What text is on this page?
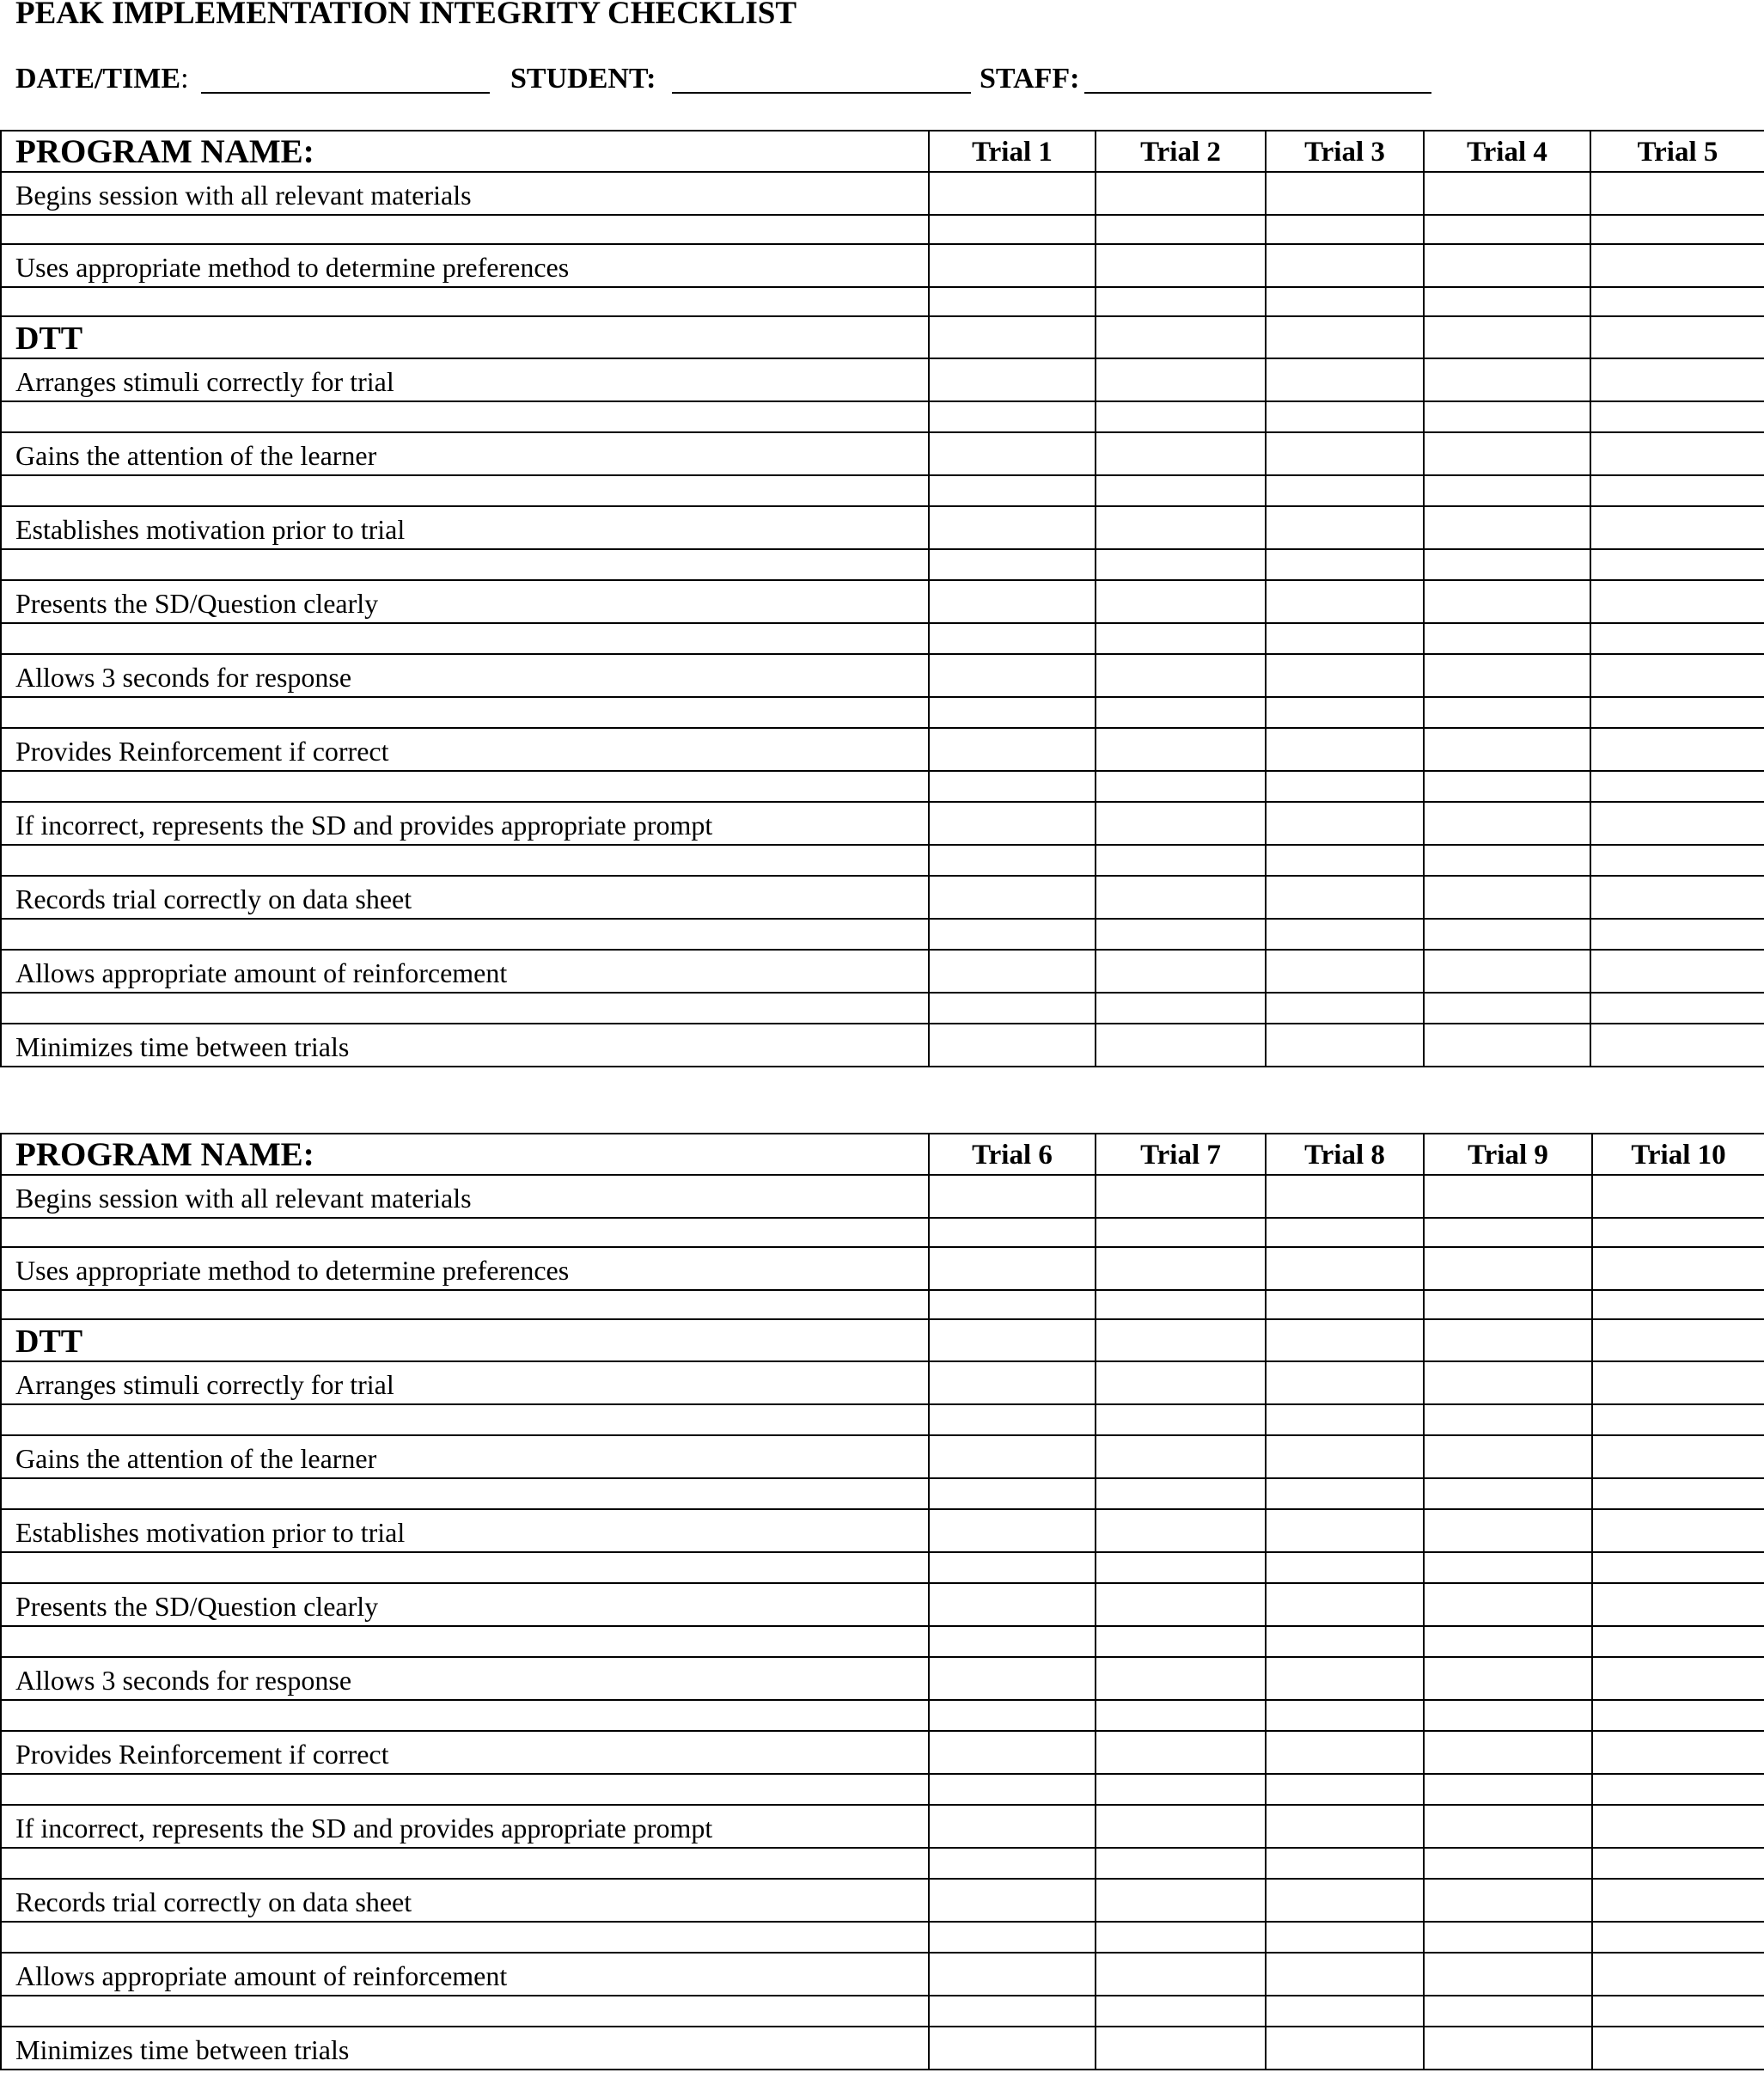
PEAK IMPLEMENTATION INTEGRITY CHECKLIST
DATE/TIME:	STUDENT:	STAFF:
PROGRAM NAME:	Trial 1	Trial 2	Trial 3	Trial 4	Trial 5
Begins session with all relevant materials					

Uses appropriate method to determine preferences					

DTT					
Arranges stimuli correctly for trial					

Gains the attention of the learner					

Establishes motivation prior to trial					

Presents the SD/Question clearly					

Allows 3 seconds for response					

Provides Reinforcement if correct					

If incorrect, represents the SD and provides appropriate prompt					

Records trial correctly on data sheet					

Allows appropriate amount of reinforcement					

Minimizes time between trials					
PROGRAM NAME:	Trial 6	Trial 7	Trial 8	Trial 9	Trial 10
Begins session with all relevant materials					

Uses appropriate method to determine preferences					

DTT					
Arranges stimuli correctly for trial					

Gains the attention of the learner					

Establishes motivation prior to trial					

Presents the SD/Question clearly					

Allows 3 seconds for response					

Provides Reinforcement if correct					

If incorrect, represents the SD and provides appropriate prompt					

Records trial correctly on data sheet					

Allows appropriate amount of reinforcement					

Minimizes time between trials					
